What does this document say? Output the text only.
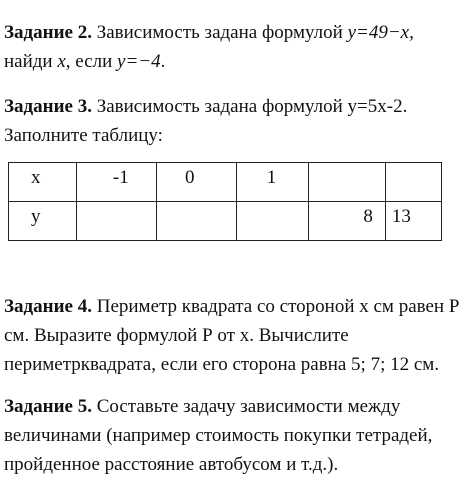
Задание 2. Зависимость задана формулой y=49−x,
найди x, если y=−4.

Задание 3. Зависимость задана формулой у=5х-2.
Заполните таблицу:

х	-1	0	1		

у				8	13

Задание 4. Периметр квадрата со стороной х см равен Р см. Выразите формулой Р от х. Вычислите периметрквадрата, если его сторона равна 5; 7; 12 см.

Задание 5. Составьте задачу зависимости между величинами (например стоимость покупки тетрадей, пройденное расстояние автобусом и т.д.).
